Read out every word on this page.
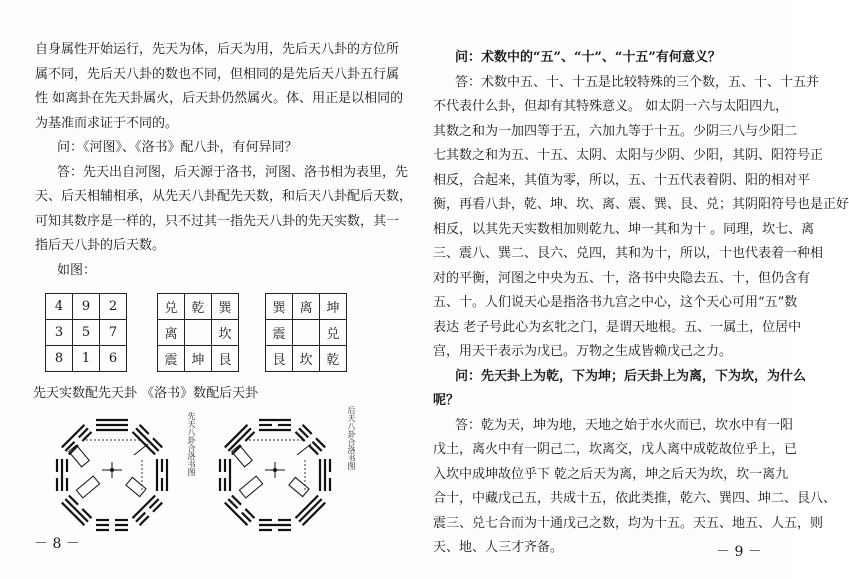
自身属性开始运行，先天为体，后天为用，先后天八卦的方位所
属不同，先后天八卦的数也不同，但相同的是先后天八卦五行属
性 如离卦在先天卦属火，后天卦仍然属火。体、用正是以相同的
为基准而求证于不同的。
问：《河图》、《洛书》配八卦，有何异同？
答：先天出自河图，后天源于洛书，河图、洛书相为表里，先
天、后天相辅相承，从先天八卦配先天数，和后天八卦配后天数，
可知其数序是一样的，只不过其一指先天八卦的先天实数，其一
指后天八卦的后天数。
如图：
问：术数中的“五”、“十”、“十五”有何意义？
答：术数中五、十、十五是比较特殊的三个数，五、十、十五并
不代表什么卦，但却有其特殊意义。 如太阴一六与太阳四九，
其数之和为一加四等于五，六加九等于十五。少阴三八与少阳二
七其数之和为五、十五、太阴、太阳与少阴、少阳，其阴、阳符号正
相反，合起来，其值为零，所以，五、十五代表着阴、阳的相对平
衡，再看八卦，乾、坤、坎、离、震、巽、艮、兑；其阴阳符号也是正好
相反，以其先天实数相加则乾九、坤一其和为十 。同理，坎七、离
三、震八、巽二、艮六、兑四，其和为十，所以，十也代表着一种相
对的平衡，河图之中央为五、十，洛书中央隐去五、十，但仍含有
五、十。人们说天心是指洛书九宫之中心，这个天心可用“五”数
表达 老子号此心为玄牝之门，是谓天地根。五、一属土，位居中
宫，用天干表示为戊已。万物之生成皆赖戊己之力。
问：先天卦上为乾，下为坤；后天卦上为离，下为坎，为什么
呢？
答：乾为天，坤为地，天地之始于水火而已，坎水中有一阳
戊土，离火中有一阴己二，坎离交，戊人离中成乾故位乎上，已
入坎中成坤故位乎下 乾之后天为离，坤之后天为坎，坎一离九
合十，中藏戊己五，共成十五，依此类推，乾六、巽四、坤二、艮八、
震三、兑七合而为十通戊己之数，均为十五。天五、地五、人五，则
天、地、人三才齐备。
4	9	2
3	5	7
8	1	6
兑	乾	巽
离		坎
震	坤	艮
巽	离	坤
震		兑
艮	坎	乾
先天实数配先天卦 《洛书》数配后天卦
先天八卦合洛书图	后天八卦合洛书图
－ 8 －	－ 9 －
